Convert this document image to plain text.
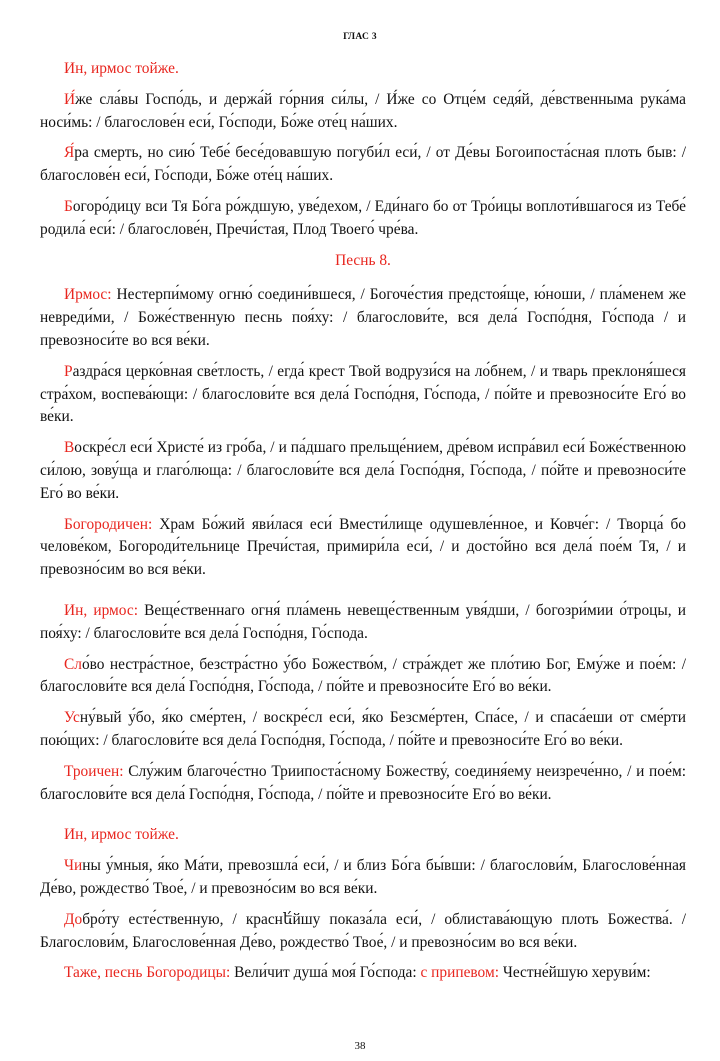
ГЛАС 3

Ин, ирмос тойже.

И́же сла́вы Госпо́дь, и держа́й го́рния си́лы, / И́же со Отце́м седя́й, де́вственныма рука́ма носи́мь: / благослове́н еси́, Го́споди, Бо́же оте́ц на́ших.

Я́ра смерть, но сию́ Тебе́ бесе́довавшую погуби́л еси́, / от Де́вы Богоипоста́сная плоть быв: / благослове́н еси́, Го́споди, Бо́же оте́ц на́ших.

Богоро́дицу вси Тя Бо́га ро́ждшую, уве́дехом, / Еди́наго бо от Тро́ицы воплоти́вшагося из Тебе́ родила́ еси́: / благослове́н, Пречи́стая, Плод Твоего́ чре́ва.

Песнь 8.

Ирмос: Нестерпи́мому огню́ соедини́вшеся, / Богоче́стия предстоя́ще, ю́ноши, / пла́менем же невреди́ми, / Боже́ственную песнь поя́ху: / благослови́те, вся дела́ Госпо́дня, Го́спода / и превозноси́те во вся ве́ки.

Раздра́ся церко́вная све́тлость, / егда́ крест Твой водрузи́ся на ло́бнем, / и тварь преклоня́шеся стра́хом, воспева́ющи: / благослови́те вся дела́ Госпо́дня, Го́спода, / по́йте и превозноси́те Его́ во ве́ки.

Воскре́сл еси́ Христе́ из гро́ба, / и па́дшаго прельще́нием, дре́вом испра́вил еси́ Боже́ственною си́лою, зову́ща и глаго́люща: / благослови́те вся дела́ Госпо́дня, Го́спода, / по́йте и превозноси́те Его́ во ве́ки.

Богородичен: Храм Бо́жий яви́лася еси́ Вмести́лище одушевле́нное, и Ковче́г: / Творца́ бо челове́ком, Богороди́тельнице Пречи́стая, примири́ла еси́, / и досто́йно вся дела́ пое́м Тя, / и превозно́сим во вся ве́ки.

Ин, ирмос: Веще́ственнаго огня́ пла́мень невеще́ственным увя́дши, / богозри́мии о́троцы, и поя́ху: / благослови́те вся дела́ Госпо́дня, Го́спода.

Сло́во нестра́стное, безстра́стно у́бо Божество́м, / стра́ждет же пло́тию Бог, Ему́же и пое́м: / благослови́те вся дела́ Госпо́дня, Го́спода, / по́йте и превозноси́те Его́ во ве́ки.

Усну́вый у́бо, я́ко сме́ртен, / воскре́сл еси́, я́ко Безсме́ртен, Спа́се, / и спаса́еши от сме́рти пою́щих: / благослови́те вся дела́ Госпо́дня, Го́спода, / по́йте и превозноси́те Его́ во ве́ки.

Троичен: Слу́жим благоче́стно Триипоста́сному Божеству́, соединя́ему неизрече́нно, / и пое́м: благослови́те вся дела́ Госпо́дня, Го́спода, / по́йте и превозноси́те Его́ во ве́ки.

Ин, ирмос тойже.

Чины у́мныя, я́ко Ма́ти, превозшла́ еси́, / и близ Бо́га бы́вши: / благослови́м, Благослове́нная Де́во, рождество́ Твое́, / и превозно́сим во вся ве́ки.

Добро́ту есте́ственную, / краснե́йшу показа́ла еси́, / облистава́ющую плоть Божества́. / Благослови́м, Благослове́нная Де́во, рождество́ Твое́, / и превозно́сим во вся ве́ки.

Таже, песнь Богородицы: Вели́чит душа́ моя́ Го́спода: с припевом: Честне́йшую херуви́м:

38
